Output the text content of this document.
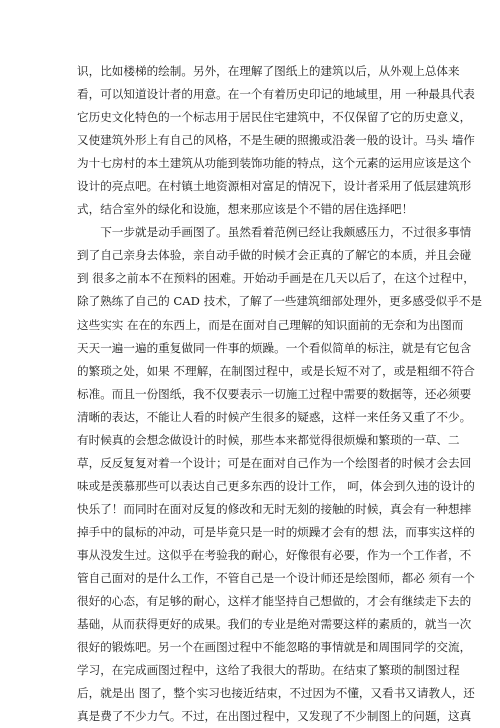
识，比如楼梯的绘制。另外，在理解了图纸上的建筑以后，从外观上总体来
看，可以知道设计者的用意。在一个有着历史印记的地域里，用 一种最具代表
它历史文化特色的一个标志用于居民住宅建筑中，不仅保留了它的历史意义，
又使建筑外形上有自己的风格，不是生硬的照搬或沿袭一般的设计。马头 墙作
为十七房村的本土建筑从功能到装饰功能的特点，这个元素的运用应该是这个
设计的亮点吧。在村镇土地资源相对富足的情况下，设计者采用了低层建筑形
式，结合室外的绿化和设施，想来那应该是个不错的居住选择吧！
　　下一步就是动手画图了。虽然看着范例已经让我颇感压力，不过很多事情
到了自己亲身去体验，亲自动手做的时候才会正真的了解它的本质，并且会碰
到 很多之前本不在预料的困难。开始动手画是在几天以后了，在这个过程中，
除了熟练了自己的 CAD 技术，了解了一些建筑细部处理外，更多感受似乎不是
这些实实 在在的东西上，而是在面对自己理解的知识面前的无奈和为出图而
天天一遍一遍的重复做同一件事的烦躁。一个看似简单的标注，就是有它包含
的繁琐之处，如果 不理解，在制图过程中，或是长短不对了，或是粗细不符合
标准。而且一份图纸，我不仅要表示一切施工过程中需要的数据等，还必须要
清晰的表达，不能让人看的时候产生很多的疑惑，这样一来任务又重了不少。
有时候真的会想念做设计的时候，那些本来都觉得很烦燥和繁琐的一草、二
草，反反复复对着一个设计；可是在面对自己作为一个绘图者的时候才会去回
味或是羡慕那些可以表达自己更多东西的设计工作， 呵，体会到久违的设计的
快乐了！而同时在面对反复的修改和无时无刻的接触的时候，真会有一种想摔
掉手中的鼠标的冲动，可是毕竟只是一时的烦躁才会有的想 法，而事实这样的
事从没发生过。这似乎在考验我的耐心，好像很有必要，作为一个工作者，不
管自己面对的是什么工作，不管自己是一个设计师还是绘图师，都必 须有一个
很好的心态，有足够的耐心，这样才能坚持自己想做的，才会有继续走下去的
基础，从而获得更好的成果。我们的专业是绝对需要这样的素质的，就当一次
很好的锻炼吧。另一个在画图过程中不能忽略的事情就是和周围同学的交流，
学习，在完成画图过程中，这给了我很大的帮助。在结束了繁琐的制图过程
后，就是出 图了，整个实习也接近结束，不过因为不懂，又看书又请教人，还
真是费了不少力气。不过，在出图过程中，又发现了不少制图上的问题，这真
